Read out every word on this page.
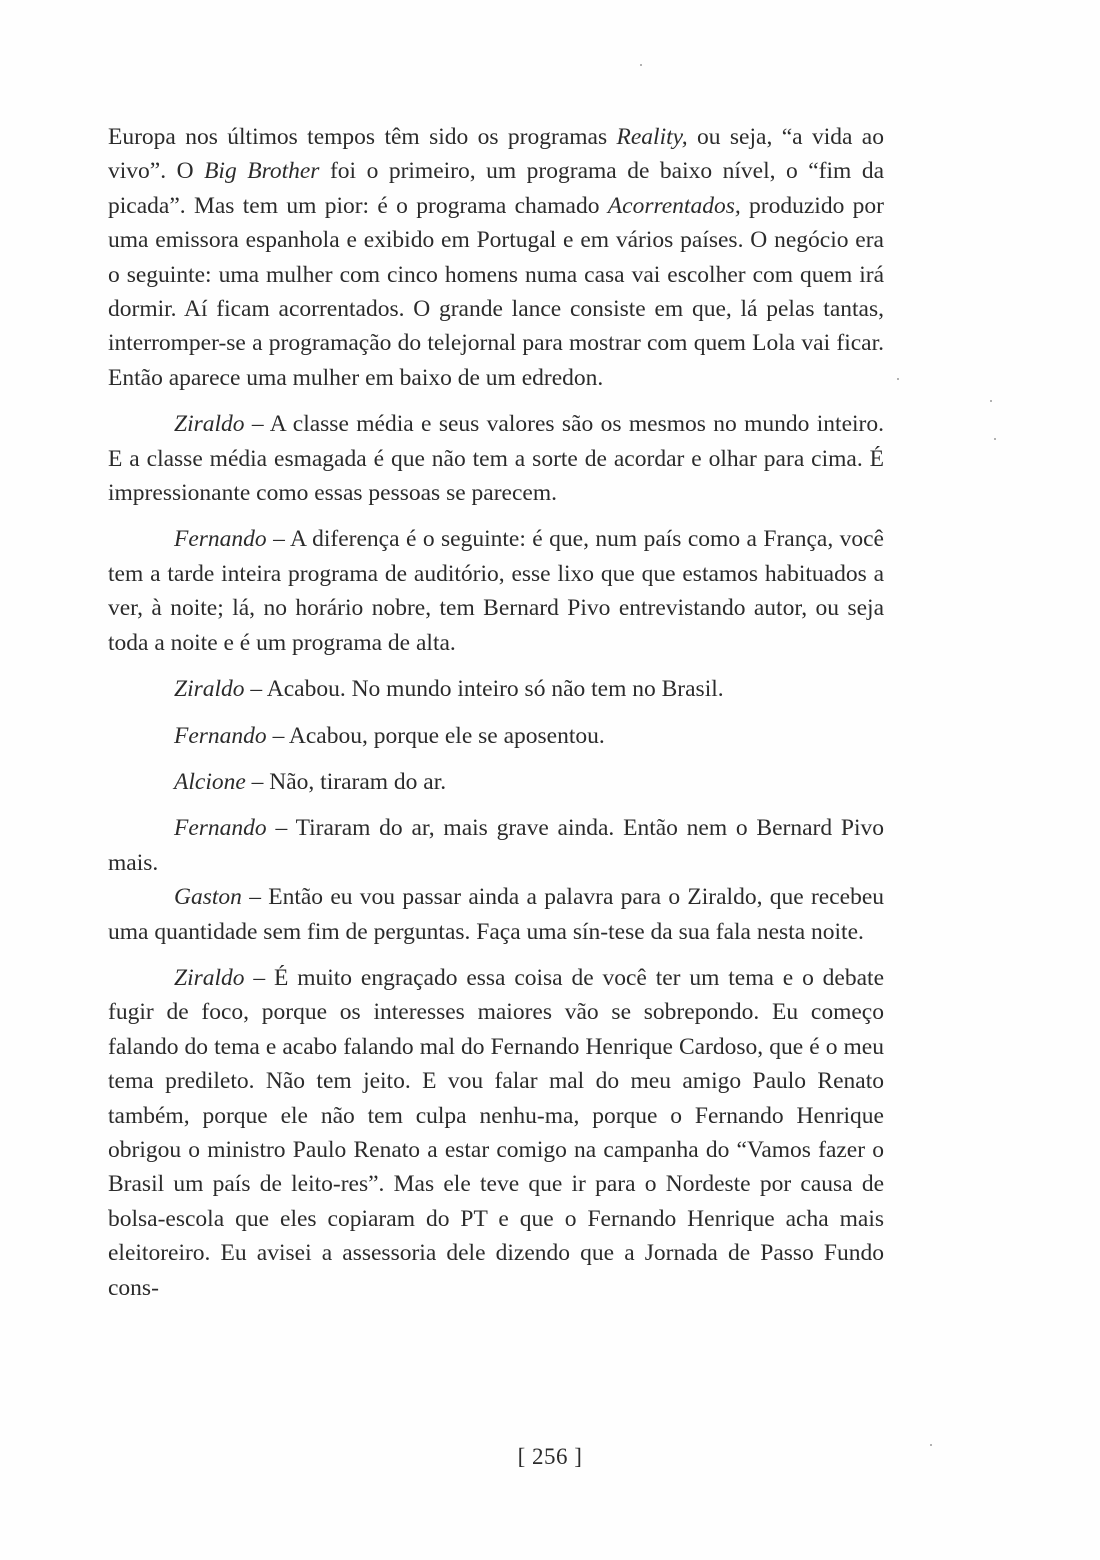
Europa nos últimos tempos têm sido os programas Reality, ou seja, “a vida ao vivo”. O Big Brother foi o primeiro, um programa de baixo nível, o “fim da picada”. Mas tem um pior: é o programa chamado Acorrentados, produzido por uma emissora espanhola e exibido em Portugal e em vários países. O negócio era o seguinte: uma mulher com cinco homens numa casa vai escolher com quem irá dormir. Aí ficam acorrentados. O grande lance consiste em que, lá pelas tantas, interromper-se a programação do telejornal para mostrar com quem Lola vai ficar. Então aparece uma mulher em baixo de um edredon.

Ziraldo – A classe média e seus valores são os mesmos no mundo inteiro. E a classe média esmagada é que não tem a sorte de acordar e olhar para cima. É impressionante como essas pessoas se parecem.

Fernando – A diferença é o seguinte: é que, num país como a França, você tem a tarde inteira programa de auditório, esse lixo que que estamos habituados a ver, à noite; lá, no horário nobre, tem Bernard Pivo entrevistando autor, ou seja toda a noite e é um programa de alta.

Ziraldo – Acabou. No mundo inteiro só não tem no Brasil.

Fernando – Acabou, porque ele se aposentou.

Alcione – Não, tiraram do ar.

Fernando – Tiraram do ar, mais grave ainda. Então nem o Bernard Pivo mais.

Gaston – Então eu vou passar ainda a palavra para o Ziraldo, que recebeu uma quantidade sem fim de perguntas. Faça uma sín-tese da sua fala nesta noite.

Ziraldo – É muito engraçado essa coisa de você ter um tema e o debate fugir de foco, porque os interesses maiores vão se sobrepondo. Eu começo falando do tema e acabo falando mal do Fernando Henrique Cardoso, que é o meu tema predileto. Não tem jeito. E vou falar mal do meu amigo Paulo Renato também, porque ele não tem culpa nenhu-ma, porque o Fernando Henrique obrigou o ministro Paulo Renato a estar comigo na campanha do “Vamos fazer o Brasil um país de leito-res”. Mas ele teve que ir para o Nordeste por causa de bolsa-escola que eles copiaram do PT e que o Fernando Henrique acha mais eleitoreiro. Eu avisei a assessoria dele dizendo que a Jornada de Passo Fundo cons-

[ 256 ]
